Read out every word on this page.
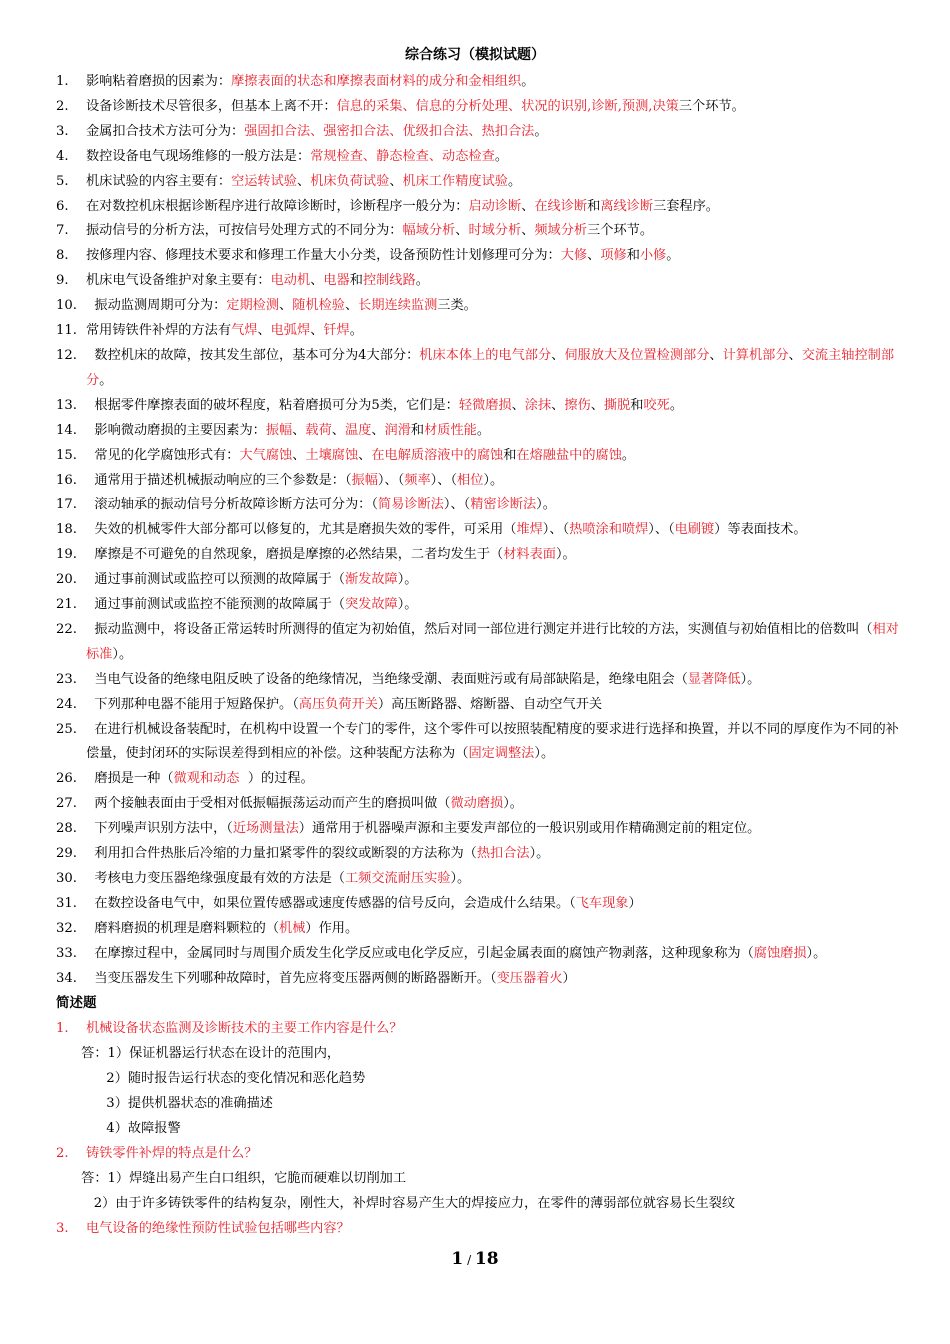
综合练习（模拟试题）
1.	影响粘着磨损的因素为：摩擦表面的状态和摩擦表面材料的成分和金相组织。
2.	设备诊断技术尽管很多，但基本上离不开：信息的采集、信息的分析处理、状况的识别,诊断,预测,决策三个环节。
3.	金属扣合技术方法可分为：强固扣合法、强密扣合法、优级扣合法、热扣合法。
4.	数控设备电气现场维修的一般方法是：常规检查、静态检查、动态检查。
5.	机床试验的内容主要有：空运转试验、机床负荷试验、机床工作精度试验。
6.	在对数控机床根据诊断程序进行故障诊断时，诊断程序一般分为：启动诊断、在线诊断和离线诊断三套程序。
7.	振动信号的分析方法，可按信号处理方式的不同分为：幅域分析、时域分析、频域分析三个环节。
8.	按修理内容、修理技术要求和修理工作量大小分类，设备预防性计划修理可分为：大修、项修和小修。
9.	机床电气设备维护对象主要有：电动机、电器和控制线路。
10. 振动监测周期可分为：定期检测、随机检验、长期连续监测三类。
11. 常用铸铁件补焊的方法有气焊、电弧焊、钎焊。
12. 数控机床的故障，按其发生部位，基本可分为4大部分：机床本体上的电气部分、伺服放大及位置检测部分、计算机部分、交流主轴控制部分。
13. 根据零件摩擦表面的破坏程度，粘着磨损可分为5类，它们是：轻微磨损、涂抹、擦伤、撕脱和咬死。
14. 影响微动磨损的主要因素为：振幅、载荷、温度、润滑和材质性能。
15. 常见的化学腐蚀形式有：大气腐蚀、土壤腐蚀、在电解质溶液中的腐蚀和在熔融盐中的腐蚀。
16. 通常用于描述机械振动响应的三个参数是：（振幅）、（频率）、（相位）。
17. 滚动轴承的振动信号分析故障诊断方法可分为：（简易诊断法）、（精密诊断法）。
18. 失效的机械零件大部分都可以修复的，尤其是磨损失效的零件，可采用（堆焊）、（热喷涂和喷焊）、（电刷镀）等表面技术。
19. 摩擦是不可避免的自然现象，磨损是摩擦的必然结果，二者均发生于（材料表面）。
20. 通过事前测试或监控可以预测的故障属于（渐发故障）。
21. 通过事前测试或监控不能预测的故障属于（突发故障）。
22. 振动监测中，将设备正常运转时所测得的值定为初始值，然后对同一部位进行测定并进行比较的方法，实测值与初始值相比的倍数叫（相对标准）。
23. 当电气设备的绝缘电阻反映了设备的绝缘情况，当绝缘受潮、表面赃污或有局部缺陷是，绝缘电阻会（显著降低）。
24. 下列那种电器不能用于短路保护。（高压负荷开关）高压断路器、熔断器、自动空气开关
25. 在进行机械设备装配时，在机构中设置一个专门的零件，这个零件可以按照装配精度的要求进行选择和换置，并以不同的厚度作为不同的补偿量，使封闭环的实际误差得到相应的补偿。这种装配方法称为（固定调整法）。
26. 磨损是一种（微观和动态  ）的过程。
27. 两个接触表面由于受相对低振幅振荡运动而产生的磨损叫做（微动磨损）。
28. 下列噪声识别方法中，（近场测量法）通常用于机器噪声源和主要发声部位的一般识别或用作精确测定前的粗定位。
29. 利用扣合件热胀后冷缩的力量扣紧零件的裂纹或断裂的方法称为（热扣合法）。
30. 考核电力变压器绝缘强度最有效的方法是（工频交流耐压实验）。
31. 在数控设备电气中，如果位置传感器或速度传感器的信号反向，会造成什么结果。（飞车现象）
32. 磨料磨损的机理是磨料颗粒的（机械）作用。
33. 在摩擦过程中，金属同时与周围介质发生化学反应或电化学反应，引起金属表面的腐蚀产物剥落，这种现象称为（腐蚀磨损）。
34. 当变压器发生下列哪种故障时，首先应将变压器两侧的断路器断开。（变压器着火）
简述题
1.	机械设备状态监测及诊断技术的主要工作内容是什么？
答：1）保证机器运行状态在设计的范围内，
2）随时报告运行状态的变化情况和恶化趋势
3）提供机器状态的准确描述
4）故障报警
2.	铸铁零件补焊的特点是什么？
答：1）焊缝出易产生白口组织，它脆而硬难以切削加工
2）由于许多铸铁零件的结构复杂，刚性大，补焊时容易产生大的焊接应力，在零件的薄弱部位就容易长生裂纹
3.	电气设备的绝缘性预防性试验包括哪些内容？
1 / 18
